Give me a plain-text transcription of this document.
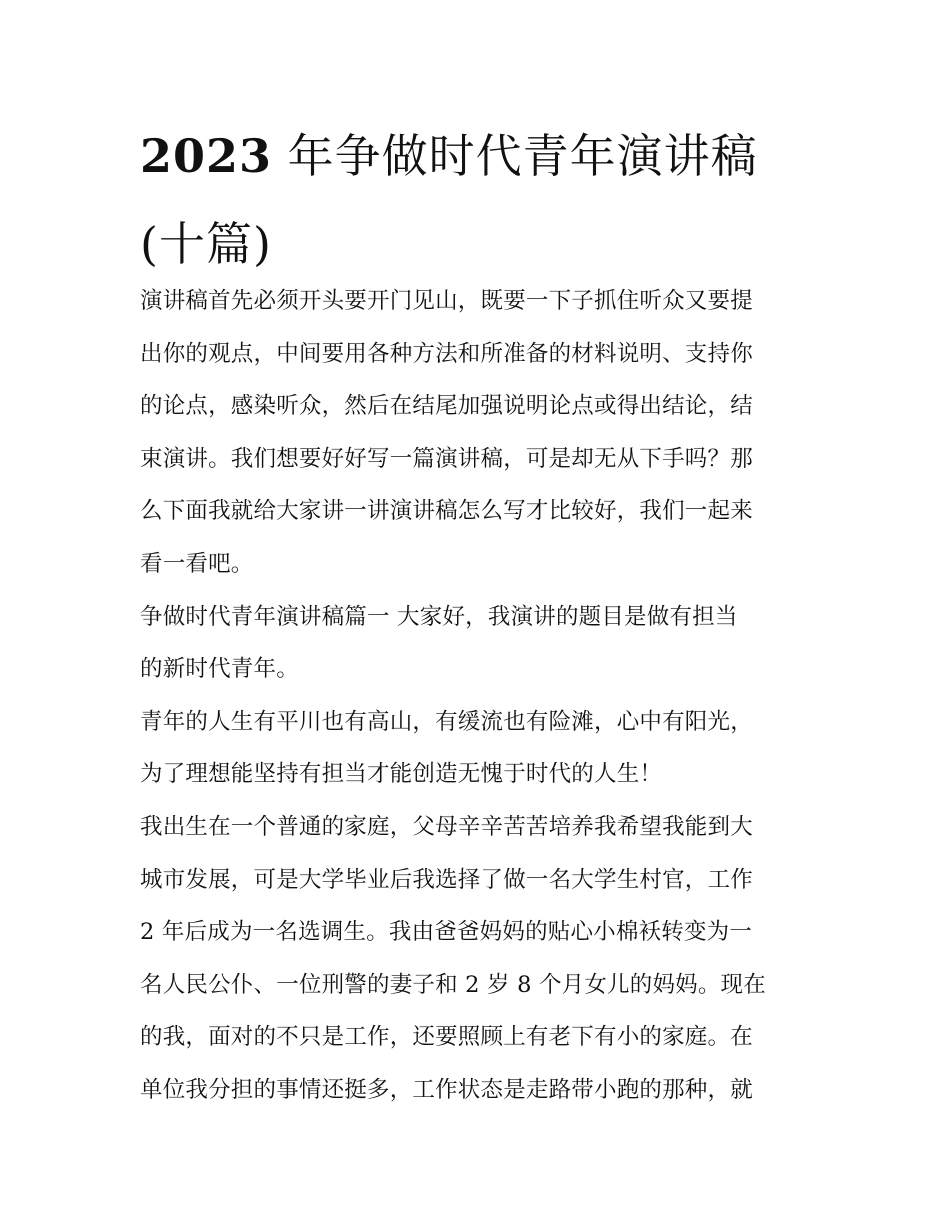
2023 年争做时代青年演讲稿
(十篇)
演讲稿首先必须开头要开门见山，既要一下子抓住听众又要提
出你的观点，中间要用各种方法和所准备的材料说明、支持你
的论点，感染听众，然后在结尾加强说明论点或得出结论，结
束演讲。我们想要好好写一篇演讲稿，可是却无从下手吗？那
么下面我就给大家讲一讲演讲稿怎么写才比较好，我们一起来
看一看吧。
争做时代青年演讲稿篇一 大家好，我演讲的题目是做有担当
的新时代青年。
青年的人生有平川也有高山，有缓流也有险滩，心中有阳光，
为了理想能坚持有担当才能创造无愧于时代的人生！
我出生在一个普通的家庭，父母辛辛苦苦培养我希望我能到大
城市发展，可是大学毕业后我选择了做一名大学生村官，工作
2 年后成为一名选调生。我由爸爸妈妈的贴心小棉袄转变为一
名人民公仆、一位刑警的妻子和 2 岁 8 个月女儿的妈妈。现在
的我，面对的不只是工作，还要照顾上有老下有小的家庭。在
单位我分担的事情还挺多，工作状态是走路带小跑的那种，就
